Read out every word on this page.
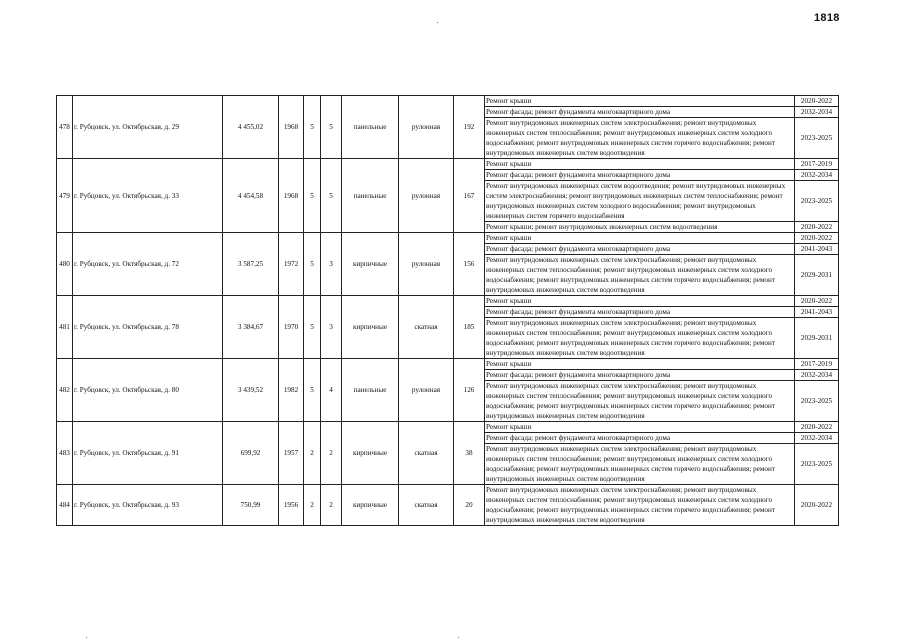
1818
478	г. Рубцовск, ул. Октябрьская, д. 29	4 455,02	1968	5	5	панельные	рулонная	192	Ремонт крыши	2020-2022
									Ремонт фасада; ремонт фундамента многоквартирного дома	2032-2034
									Ремонт внутридомовых инженерных систем электроснабжения; ремонт внутридомовых инженерных систем теплоснабжения; ремонт внутридомовых инженерных систем холодного водоснабжения; ремонт внутридомовых инженерных систем горячего водоснабжения; ремонт внутридомовых инженерных систем водоотведения	2023-2025
479	г. Рубцовск, ул. Октябрьская, д. 33	4 454,58	1968	5	5	панельные	рулонная	167	Ремонт крыши	2017-2019
									Ремонт фасада; ремонт фундамента многоквартирного дома	2032-2034
									Ремонт внутридомовых инженерных систем водоотведения; ремонт внутридомовых инженерных систем электроснабжения; ремонт внутридомовых инженерных систем теплоснабжения; ремонт внутридомовых инженерных систем холодного водоснабжения; ремонт внутридомовых инженерных систем горячего водоснабжения	2023-2025
									Ремонт крыши; ремонт внутридомовых инженерных систем водоотведения	2020-2022
480	г. Рубцовск, ул. Октябрьская, д. 72	3 587,25	1972	5	3	кирпичные	рулонная	156	Ремонт крыши	2020-2022
									Ремонт фасада; ремонт фундамента многоквартирного дома	2041-2043
									Ремонт внутридомовых инженерных систем электроснабжения; ремонт внутридомовых инженерных систем теплоснабжения; ремонт внутридомовых инженерных систем холодного водоснабжения; ремонт внутридомовых инженерных систем горячего водоснабжения; ремонт внутридомовых инженерных систем водоотведения	2029-2031
481	г. Рубцовск, ул. Октябрьская, д. 78	3 384,67	1970	5	3	кирпичные	скатная	185	Ремонт крыши	2020-2022
									Ремонт фасада; ремонт фундамента многоквартирного дома	2041-2043
									Ремонт внутридомовых инженерных систем электроснабжения; ремонт внутридомовых инженерных систем теплоснабжения; ремонт внутридомовых инженерных систем холодного водоснабжения; ремонт внутридомовых инженерных систем горячего водоснабжения; ремонт внутридомовых инженерных систем водоотведения	2029-2031
482	г. Рубцовск, ул. Октябрьская, д. 80	3 439,52	1982	5	4	панельные	рулонная	126	Ремонт крыши	2017-2019
									Ремонт фасада; ремонт фундамента многоквартирного дома	2032-2034
									Ремонт внутридомовых инженерных систем электроснабжения; ремонт внутридомовых инженерных систем теплоснабжения; ремонт внутридомовых инженерных систем холодного водоснабжения; ремонт внутридомовых инженерных систем горячего водоснабжения; ремонт внутридомовых инженерных систем водоотведения	2023-2025
483	г. Рубцовск, ул. Октябрьская, д. 91	699,92	1957	2	2	кирпичные	скатная	38	Ремонт крыши	2020-2022
									Ремонт фасада; ремонт фундамента многоквартирного дома	2032-2034
									Ремонт внутридомовых инженерных систем электроснабжения; ремонт внутридомовых инженерных систем теплоснабжения; ремонт внутридомовых инженерных систем холодного водоснабжения; ремонт внутридомовых инженерных систем горячего водоснабжения; ремонт внутридомовых инженерных систем водоотведения	2023-2025
484	г. Рубцовск, ул. Октябрьская, д. 93	750,99	1956	2	2	кирпичные	скатная	20	Ремонт внутридомовых инженерных систем электроснабжения; ремонт внутридомовых инженерных систем теплоснабжения; ремонт внутридомовых инженерных систем холодного водоснабжения; ремонт внутридомовых инженерных систем горячего водоснабжения; ремонт внутридомовых инженерных систем водоотведения	2020-2022
